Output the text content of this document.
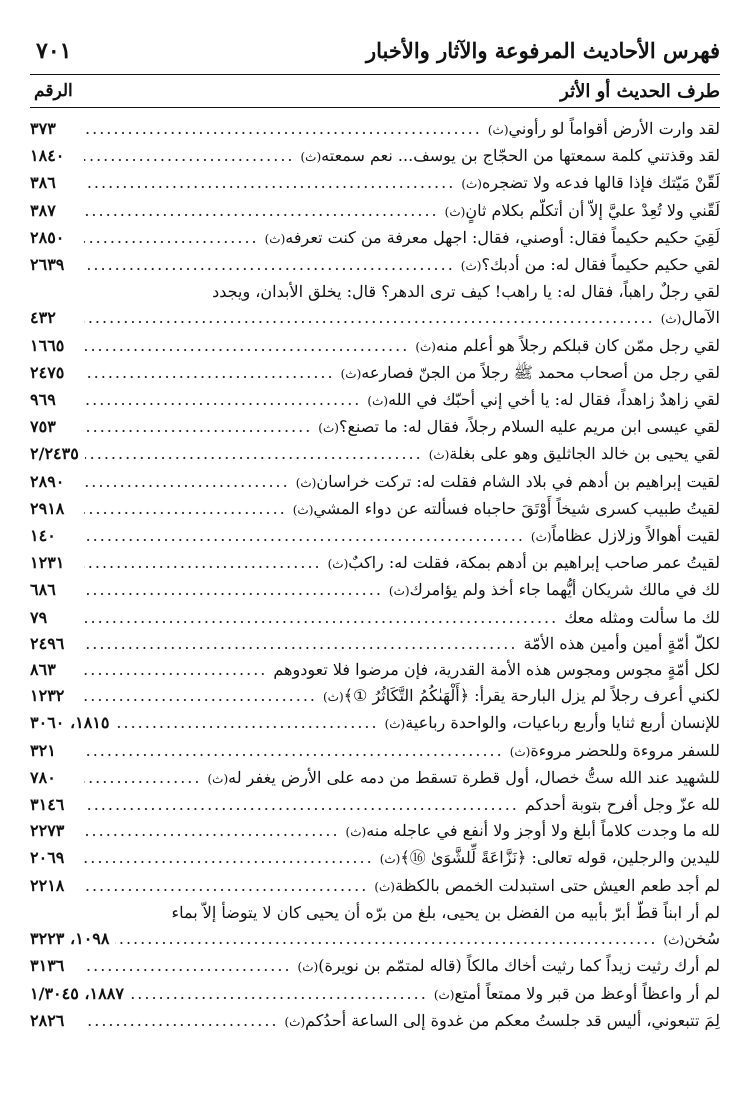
فهرس الأحاديث المرفوعة والآثار والأخبار
٧٠١
طرف الحديث أو الأثر
الرقم
لقد وارت الأرض أقواماً لو رأوني
(ث)
.....
٣٧٣
لقد وقذتني كلمة سمعتها من الحجّاج بن يوسف... نعم سمعته
(ث)
.....
١٨٤٠
لَقّنْ مَيّتك فإذا قالها فدعه ولا تضجره
(ث)
.....
٣٨٦
لَقّني ولا تُعِدْ عليَّ إلاّ أن أتكلّم بكلام ثانٍ
(ث)
.....
٣٨٧
لَقِيَ حكيم حكيماً فقال: أوصني، فقال: اجهل معرفة من كنت تعرفه
(ث)
.....
٢٨٥٠
لقي حكيم حكيماً فقال له: من أدبك؟
(ث)
.....
٢٦٣٩
لقي رجلٌ راهباً، فقال له: يا راهب! كيف ترى الدهر؟ قال: يخلق الأبدان، ويجدد
الآمال
(ث)
.....
٤٣٢
لقي رجل ممّن كان قبلكم رجلاً هو أعلم منه
(ث)
.....
١٦٦٥
لقي رجل من أصحاب محمد ﷺ رجلاً من الجنّ فصارعه
(ث)
.....
٢٤٧٥
لقي زاهدٌ زاهداً، فقال له: يا أخي إني أحبّك في الله
(ث)
.....
٩٦٩
لقي عيسى ابن مريم عليه السلام رجلاً، فقال له: ما تصنع؟
(ث)
.....
٧٥٣
لقي يحيى بن خالد الجاثليق وهو على بغلة
(ث)
.....
٢/٢٤٣٥
لقيت إبراهيم بن أدهم في بلاد الشام فقلت له: تركت خراسان
(ث)
.....
٢٨٩٠
لقيتُ طبيب كسرى شيخاً أَوْتَقَ حاجباه فسألته عن دواء المشي
(ث)
.....
٢٩١٨
لقيت أهوالاً وزلازل عظاماً
(ث)
.....
١٤٠
لقيتُ عمر صاحب إبراهيم بن أدهم بمكة، فقلت له: راكبٌ
(ث)
.....
١٢٣١
لك في مالك شريكان أيُّهما جاء أخذ ولم يؤامرك
(ث)
.....
٦٨٦
لك ما سألت ومثله معك
.....
٧٩
لكلّ أمّةٍ أمين وأمين هذه الأمّة
.....
٢٤٩٦
لكل أمّةٍ مجوس ومجوس هذه الأمة القدرية، فإن مرضوا فلا تعودوهم
.....
٨٦٣
لكني أعرف رجلاً لم يزل البارحة يقرأ: ﴿أَلْهَىٰكُمُ التَّكَاثُرُ ①﴾
(ث)
.....
١٢٣٢
للإنسان أربع ثنايا وأربع رباعيات، والواحدة رباعية
(ث)
.....
١٨١٥، ٣٠٦٠
للسفر مروءة وللحضر مروءة
(ث)
.....
٣٢١
للشهيد عند الله ستُّ خصال، أول قطرة تسقط من دمه على الأرض يغفر له
(ث)
.....
٧٨٠
لله عزّ وجل أفرح بتوبة أحدكم
.....
٣١٤٦
لله ما وجدت كلاماً أبلغ ولا أوجز ولا أنفع في عاجله منه
(ث)
.....
٢٢٧٣
لليدين والرجلين، قوله تعالى: ﴿نَزَّاعَةً لِّلشَّوَىٰ ⑯﴾
(ث)
.....
٢٠٦٩
لم أجد طعم العيش حتى استبدلت الخمص بالكظة
(ث)
.....
٢٢١٨
لم أر ابناً قطّ أبرّ بأبيه من الفضل بن يحيى، بلغ من برّه أن يحيى كان لا يتوضأ إلاّ بماء
سُخن
(ث)
.....
١٠٩٨، ٣٢٢٣
لم أرك رثيت زيداً كما رثيت أخاك مالكاً (قاله لمتمّم بن نويرة)
(ث)
.....
٣١٣٦
لم أر واعظاً أوعظ من قبر ولا ممتعاً أمتع
(ث)
.....
١٨٨٧، ١/٣٠٤٥
لِمَ تتبعوني، أليس قد جلستُ معكم من غدوة إلى الساعة أحدُكم
(ث)
.....
٢٨٢٦
